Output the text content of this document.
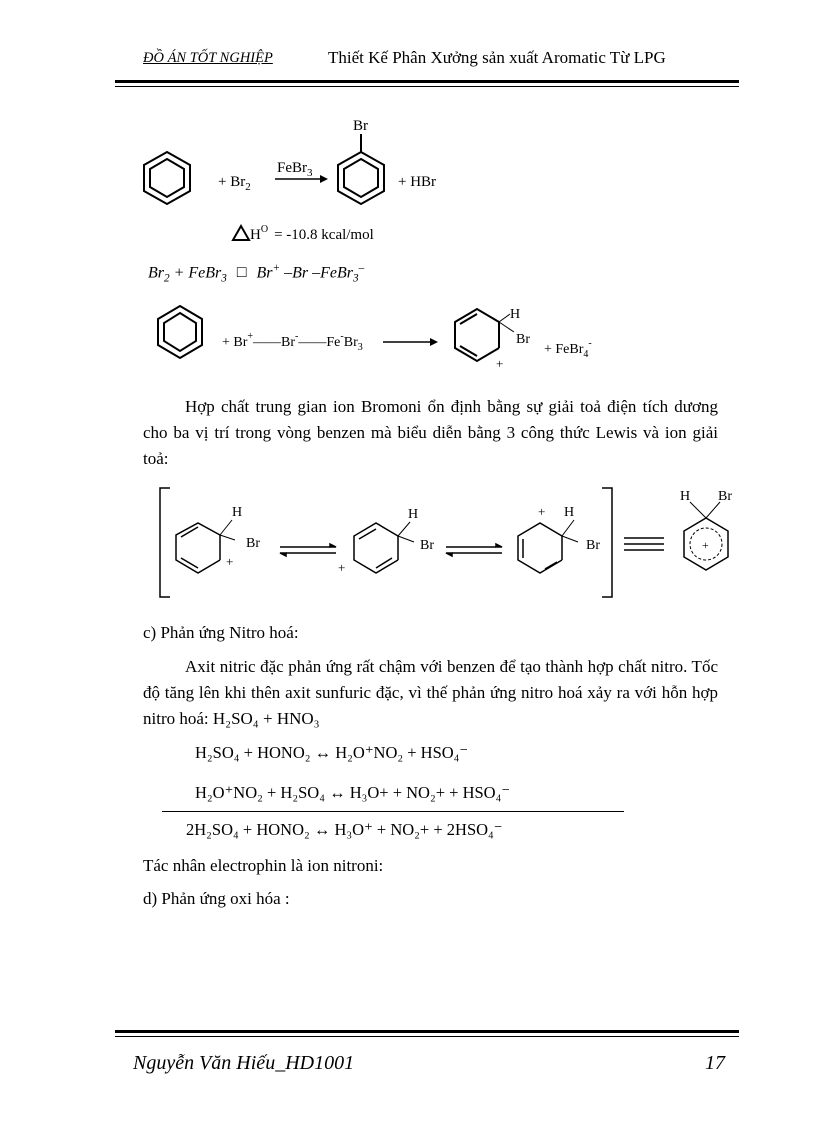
ĐỒ ÁN TỐT NGHIỆP	Thiết Kế Phân Xưởng sản xuất Aromatic Từ LPG
+ $Br_2$
FeBr$_3$
Br
+ HBr
$H^O = -10.8$ kcal/mol
$Br_2$ + FeBr$_3$ □ Br+ –Br –FeBr$_3$–
+ $Br^+——Br^-——Fe^-Br_3$
H
Br
+
+ FeBr$_4$-
Hợp chất trung gian ion Bromoni ổn định bằng sự giải toả điện tích dương cho ba vị trí trong vòng benzen mà biểu diễn bằng 3 công thức Lewis và ion giải toả:
H
Br
+
H
Br
+
H
Br
+
H Br
+
c) Phản ứng Nitro hoá:
Axit nitric đặc phản ứng rất chậm với benzen để tạo thành hợp chất nitro. Tốc độ tăng lên khi thên axit sunfuric đặc, vì thế phản ứng nitro hoá xảy ra với hỗn hợp nitro hoá: H₂SO₄ + HNO₃
H₂SO₄ + HONO₂ ↔ H₂O⁺NO₂ + HSO₄⁻
H₂O⁺NO₂ + H₂SO₄ ↔ H₃O+ + NO₂+ + HSO₄⁻
2H₂SO₄ + HONO₂ ↔ H₃O⁺ + NO₂+ + 2HSO₄⁻
Tác nhân electrophin là ion nitroni:
d) Phản ứng oxi hóa :
Nguyễn Văn Hiếu_HD1001	17
